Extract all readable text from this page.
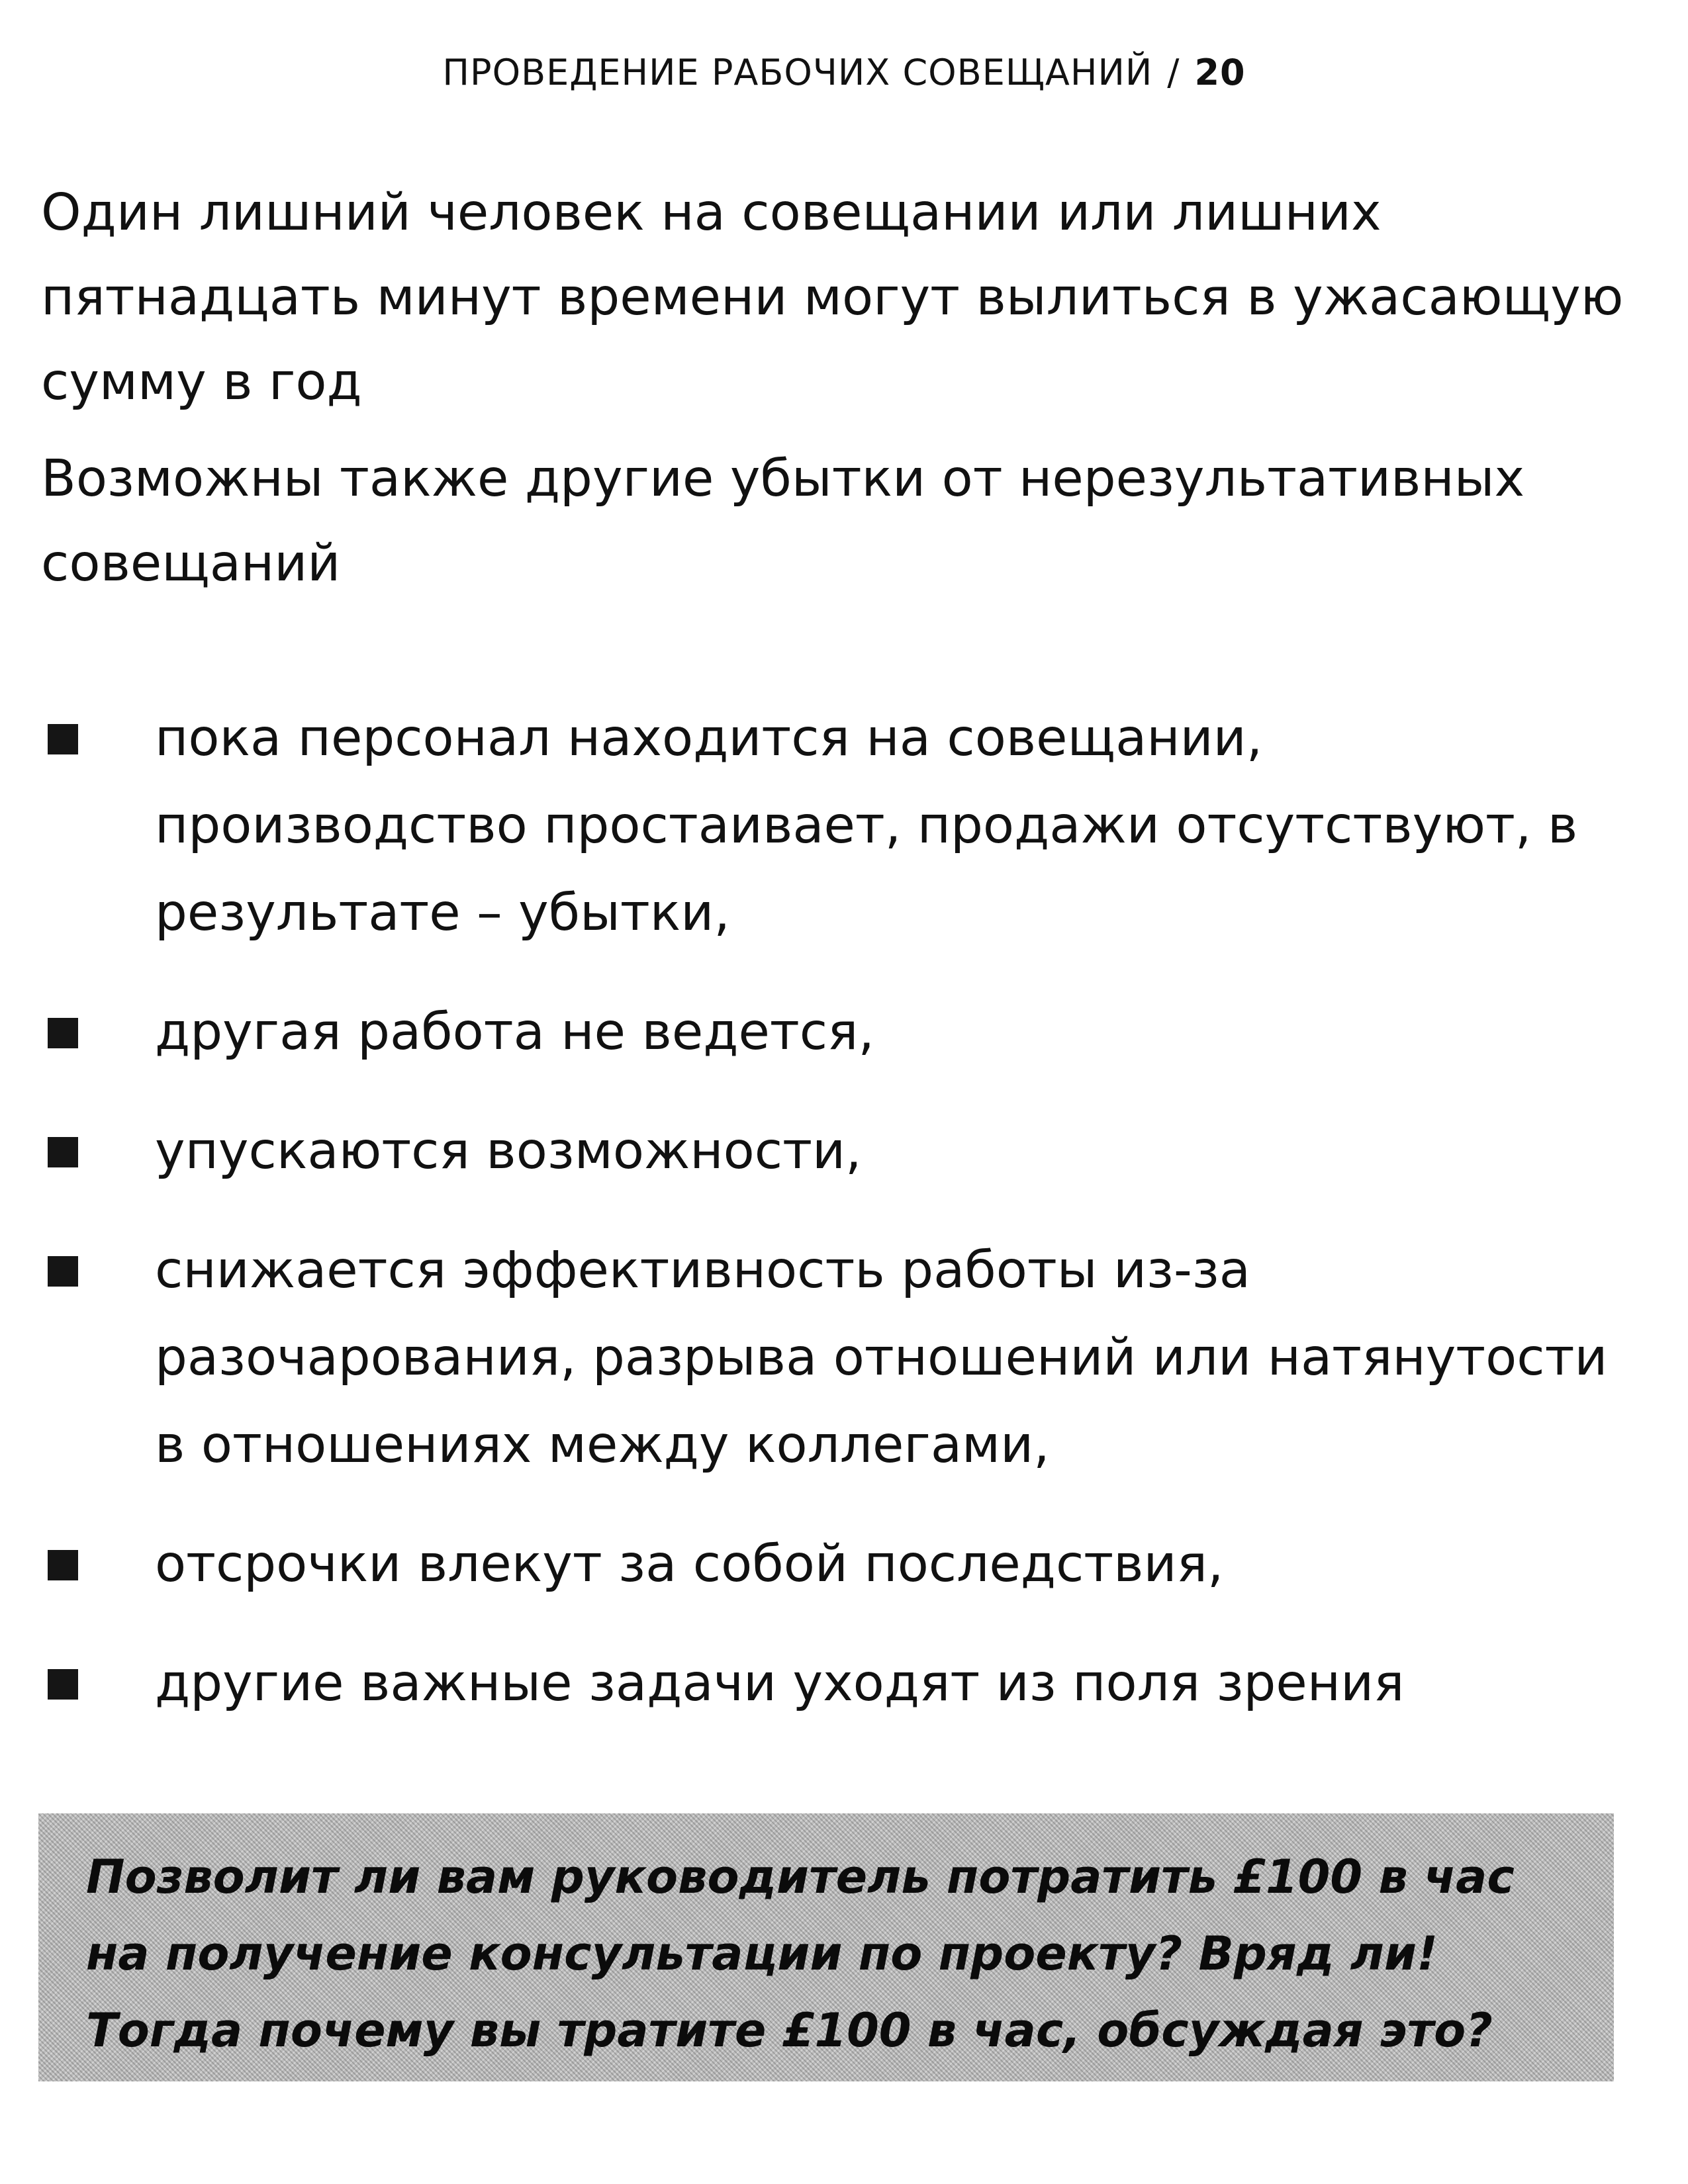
ПРОВЕДЕНИЕ РАБОЧИХ СОВЕЩАНИЙ / 20
Один лишний человек на совещании или лишних пятнадцать минут времени могут вылиться в ужасающую сумму в год
Возможны также другие убытки от нерезультативных совещаний
пока персонал находится на совещании, производство простаивает, продажи отсутствуют, в результате – убытки,
другая работа не ведется,
упускаются возможности,
снижается эффективность работы из-за разочарования, разрыва отношений или натянутости в отношениях между коллегами,
отсрочки влекут за собой последствия,
другие важные задачи уходят из поля зрения

Позволит ли вам руководитель потратить £100 в час на получение консультации по проекту? Вряд ли! Тогда почему вы тратите £100 в час, обсуждая это?
